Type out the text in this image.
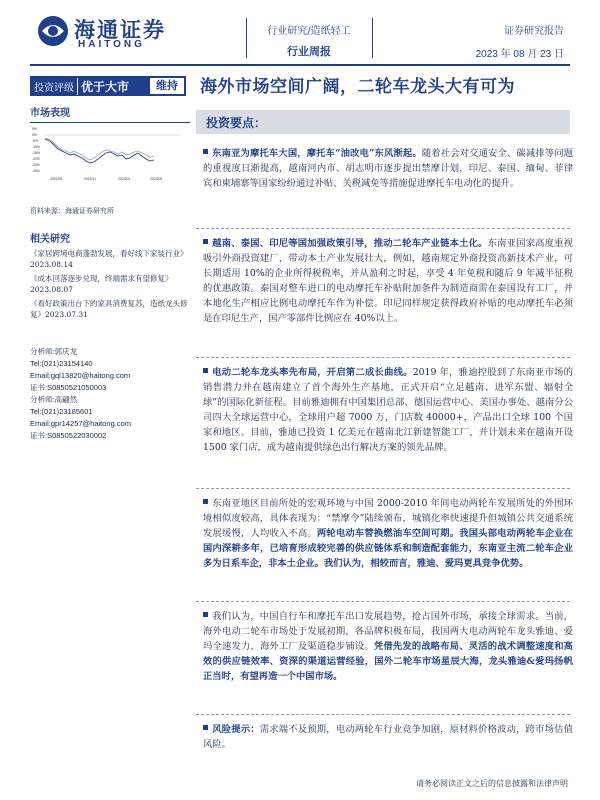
海通证券
HAITONG
行业研究/造纸轻工
行业周报
证券研究报告
2023 年 08 月 23 日
投资评级 优于大市	维持	海外市场空间广阔，二轮车龙头大有可为
市场表现
5%
0%
-5%
-10%
-15%
-20%
-25%
-30%
2022/08	2022/11	2023/02	2023/05
资料来源：海通证券研究所
相关研究
《家居跨境电商蓬勃发展，看好线下家装行业》2023.08.14
《成本回落逐步兑现，终端需求有望修复》2023.08.07
《看好政策出台下的家具消费复苏，造纸龙头修复》2023.07.31
分析师:郭庆龙
Tel:(021)23154140
Email:gql13820@haitong.com
证书:S0850521050003
分析师:高翩然
Tel:(021)23185601
Email:gpr14257@haitong.com
证书:S0850522030002
投资要点：
东南亚为摩托车大国，摩托车“油改电”东风渐起。随着社会对交通安全、碳减排等问题的重视度日渐提高，越南河内市、胡志明市逐步提出禁摩计划，印尼、泰国、缅甸、菲律宾和柬埔寨等国家纷纷通过补贴、关税减免等措施促进摩托车电动化的提升。
越南、泰国、印尼等国加强政策引导，推动二轮车产业链本土化。东南亚国家高度重视吸引外商投资建厂，带动本土产业发展壮大，例如，越南规定外商投资高新技术产业，可长期适用 10%的企业所得税税率，并从盈利之时起，享受 4 年免税和随后 9 年减半征税的优惠政策。泰国对整车进口的电动摩托车补贴附加条件为制造商需在泰国设有工厂，并 本地化生产相应比例电动摩托车作为补偿。印尼同样规定获得政府补贴的电动摩托车必须是在印尼生产，国产零部件比例应在 40%以上。
电动二轮车龙头率先布局，开启第二成长曲线。2019 年，雅迪控股到了东南亚市场的销售潜力并在越南建立了首个海外生产基地，正式开启“立足越南、进军东盟、辐射全球”的国际化新征程。目前雅迪拥有中国集团总部、德国运营中心、美国办事处、越南分公司四大全球运营中心，全球用户超 7000 万，门店数 40000+，产品出口全球 100 个国家和地区。目前，雅迪已投资 1 亿美元在越南北江新建智能工厂，并计划未来在越南开设 1500 家门店，成为越南提供绿色出行解决方案的领先品牌。
东南亚地区目前所处的宏观环境与中国 2000-2010 年间电动两轮车发展所处的外围环境相似度较高，具体表现为：“禁摩令”陆续颁布，城镇化率快速提升但城镇公共交通系统发展缓慢，人均收入不高。两轮电动车替换燃油车空间可期。我国头部电动两轮车企业在国内深耕多年，已培育形成较完善的供应链体系和制造配套能力，东南亚主流二轮车企业多为日系车企，非本土企业。我们认为，相较而言，雅迪、爱玛更具竞争优势。
我们认为，中国自行车和摩托车出口发展趋势，抢占国外市场，承接全球需求。当前，海外电动二轮车市场处于发展初期，各品牌积极布局，我国两大电动两轮车龙头雅迪、爱玛全速发力，海外工厂及渠道稳步铺设。凭借先发的战略布局、灵活的战术调整速度和高效的供应链效率、资深的渠道运营经验，国外二轮车市场星辰大海，龙头雅迪&爱玛扬帆正当时，有望再造一个中国市场。
风险提示：需求端不及预期，电动两轮车行业竞争加剧，原材料价格波动，跨市场估值风险。
请务必阅读正文之后的信息披露和法律声明
